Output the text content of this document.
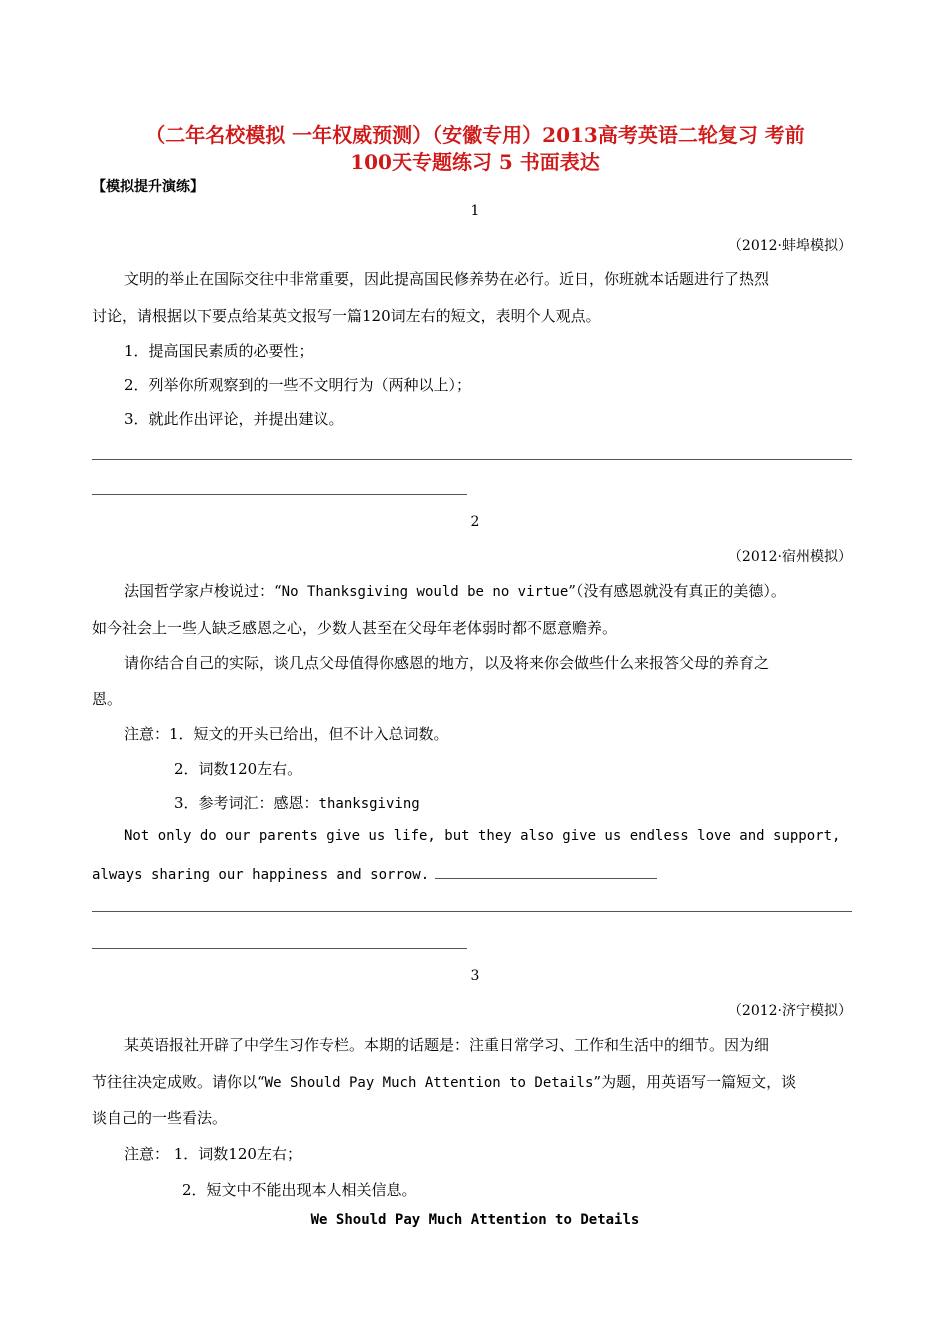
（二年名校模拟 一年权威预测）（安徽专用）2013高考英语二轮复习 考前
100天专题练习 5 书面表达
【模拟提升演练】
1
（2012·蚌埠模拟）
文明的举止在国际交往中非常重要，因此提高国民修养势在必行。近日，你班就本话题进行了热烈
讨论，请根据以下要点给某英文报写一篇120词左右的短文，表明个人观点。
1．提高国民素质的必要性；
2．列举你所观察到的一些不文明行为（两种以上）；
3．就此作出评论，并提出建议。
2
（2012·宿州模拟）
法国哲学家卢梭说过：“No Thanksgiving would be no virtue”（没有感恩就没有真正的美德）。
如今社会上一些人缺乏感恩之心，少数人甚至在父母年老体弱时都不愿意赡养。
请你结合自己的实际，谈几点父母值得你感恩的地方，以及将来你会做些什么来报答父母的养育之
恩。
注意：1．短文的开头已给出，但不计入总词数。
2．词数120左右。
3．参考词汇：感恩：thanksgiving
Not only do our parents give us life, but they also give us endless love and support,
always sharing our happiness and sorrow.
3
（2012·济宁模拟）
某英语报社开辟了中学生习作专栏。本期的话题是：注重日常学习、工作和生活中的细节。因为细
节往往决定成败。请你以“We Should Pay Much Attention to Details”为题，用英语写一篇短文，谈
谈自己的一些看法。
注意： 1．词数120左右；
2．短文中不能出现本人相关信息。
We Should Pay Much Attention to Details
